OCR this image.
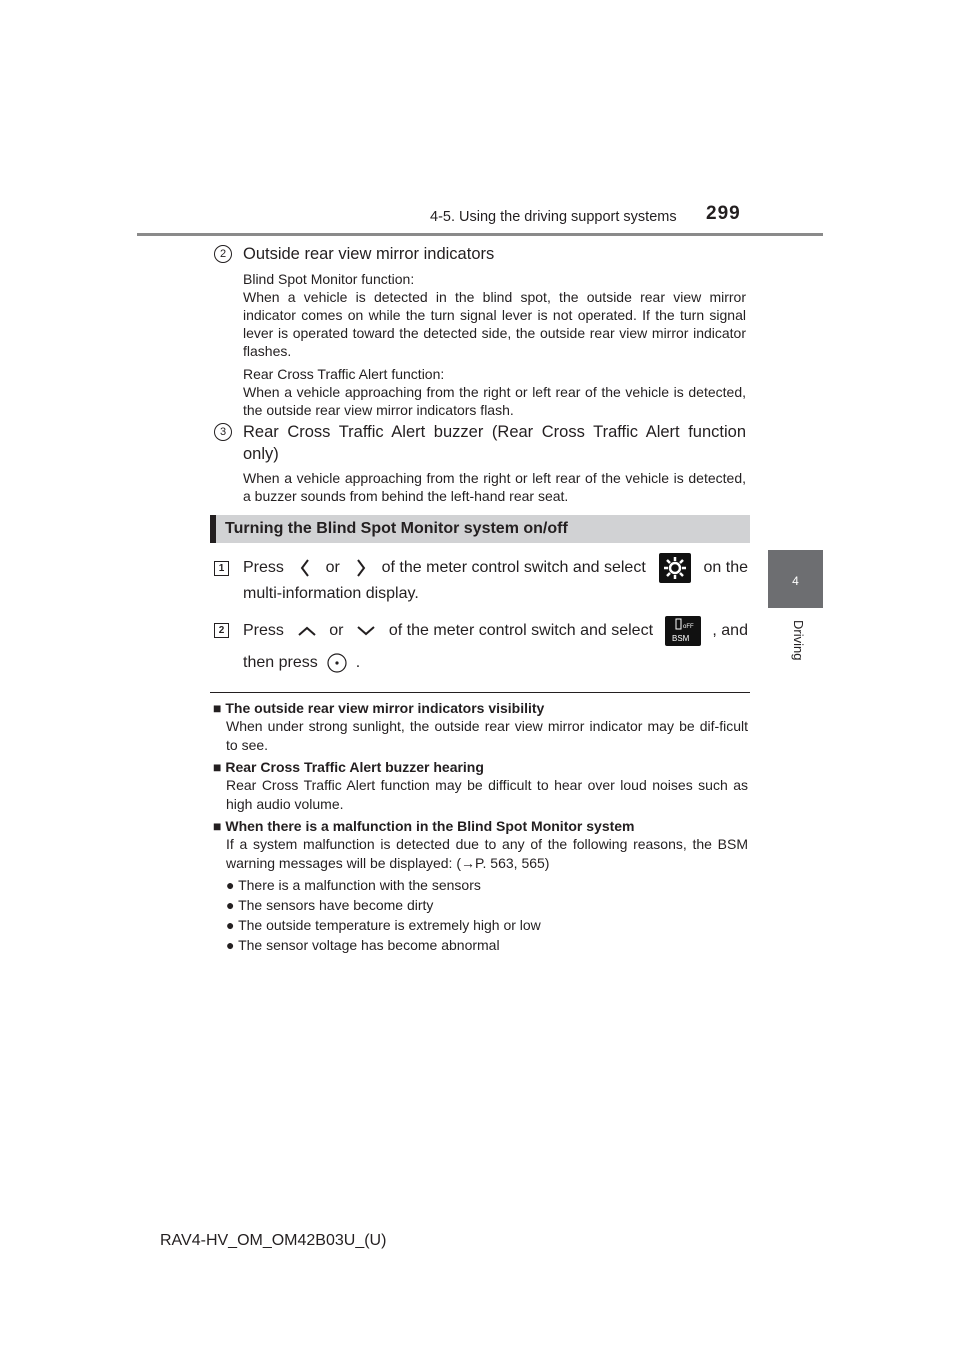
4-5. Using the driving support systems 299
4
Driving
2	Outside rear view mirror indicators

Blind Spot Monitor function:

When a vehicle is detected in the blind spot, the outside rear view mirror indicator comes on while the turn signal lever is not operated. If the turn signal lever is operated toward the detected side, the outside rear view mirror indicator flashes.

Rear Cross Traffic Alert function:

When a vehicle approaching from the right or left rear of the vehicle is detected, the outside rear view mirror indicators flash.

3	Rear Cross Traffic Alert buzzer (Rear Cross Traffic Alert function only)
When a vehicle approaching from the right or left rear of the vehicle is detected, a buzzer sounds from behind the left-hand rear seat.
Turning the Blind Spot Monitor system on/off
1 Press	or	of the meter control switch and select	on the
multi-information display.
2 Press	or	of the meter control switch and select	oFF
BSM , and
then press .
■ The outside rear view mirror indicators visibility
When under strong sunlight, the outside rear view mirror indicator may be dif-ficult to see.
■ Rear Cross Traffic Alert buzzer hearing
Rear Cross Traffic Alert function may be difficult to hear over loud noises such as high audio volume.
■ When there is a malfunction in the Blind Spot Monitor system
If a system malfunction is detected due to any of the following reasons, the BSM warning messages will be displayed: (→P. 563, 565)
● There is a malfunction with the sensors
● The sensors have become dirty
● The outside temperature is extremely high or low
● The sensor voltage has become abnormal
RAV4-HV_OM_OM42B03U_(U)
